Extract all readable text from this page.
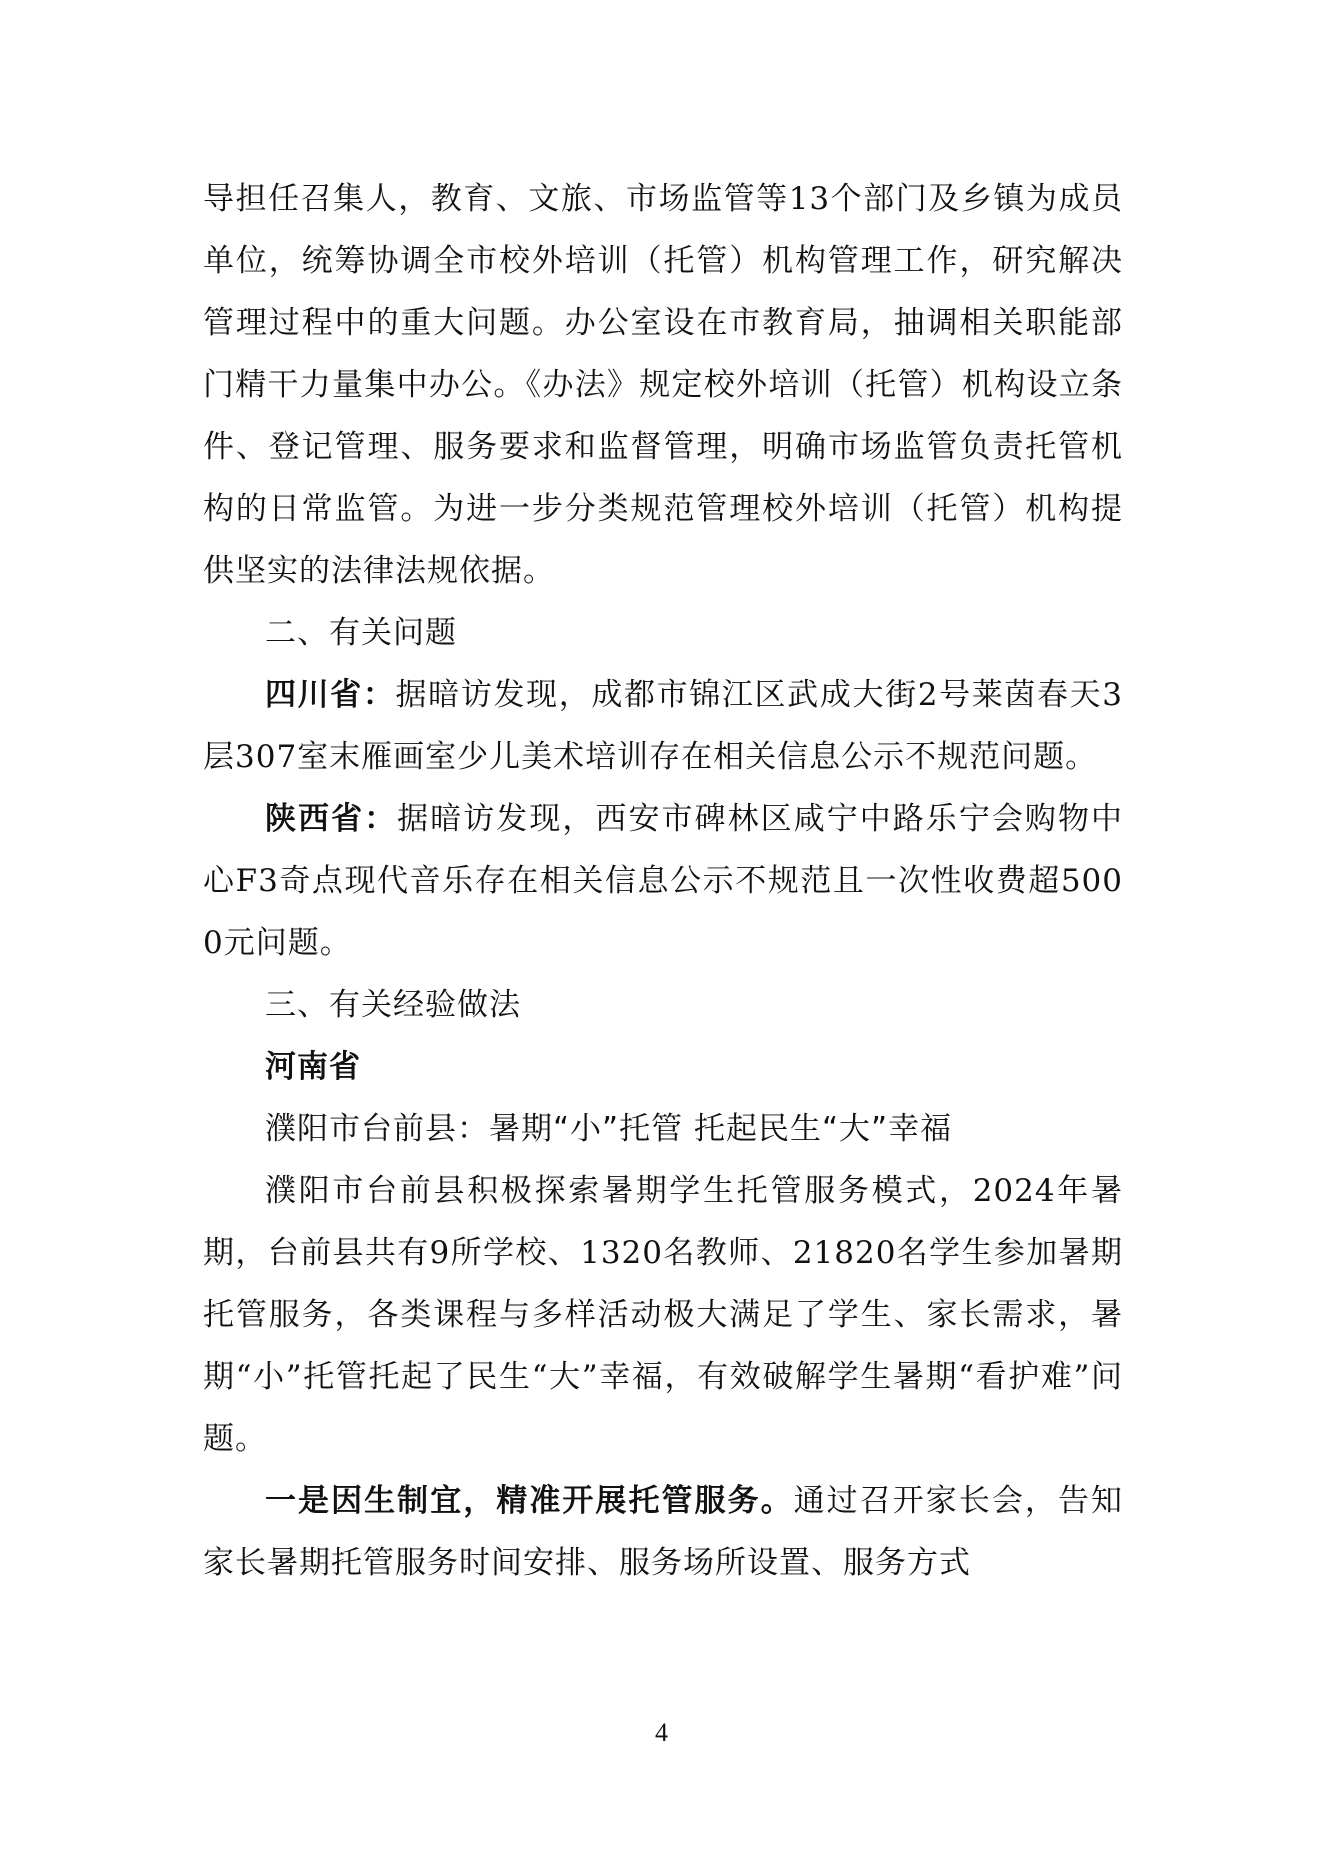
导担任召集人，教育、文旅、市场监管等13个部门及乡镇为成员单位，统筹协调全市校外培训（托管）机构管理工作，研究解决管理过程中的重大问题。办公室设在市教育局，抽调相关职能部门精干力量集中办公。《办法》规定校外培训（托管）机构设立条件、登记管理、服务要求和监督管理，明确市场监管负责托管机构的日常监管。为进一步分类规范管理校外培训（托管）机构提供坚实的法律法规依据。

二、有关问题

四川省：据暗访发现，成都市锦江区武成大街2号莱茵春天3层307室末雁画室少儿美术培训存在相关信息公示不规范问题。

陕西省：据暗访发现，西安市碑林区咸宁中路乐宁会购物中心F3奇点现代音乐存在相关信息公示不规范且一次性收费超5000元问题。

三、有关经验做法

河南省

濮阳市台前县：暑期“小”托管 托起民生“大”幸福

濮阳市台前县积极探索暑期学生托管服务模式，2024年暑期，台前县共有9所学校、1320名教师、21820名学生参加暑期托管服务，各类课程与多样活动极大满足了学生、家长需求，暑期“小”托管托起了民生“大”幸福，有效破解学生暑期“看护难”问题。

一是因生制宜，精准开展托管服务。通过召开家长会，告知家长暑期托管服务时间安排、服务场所设置、服务方式

4
